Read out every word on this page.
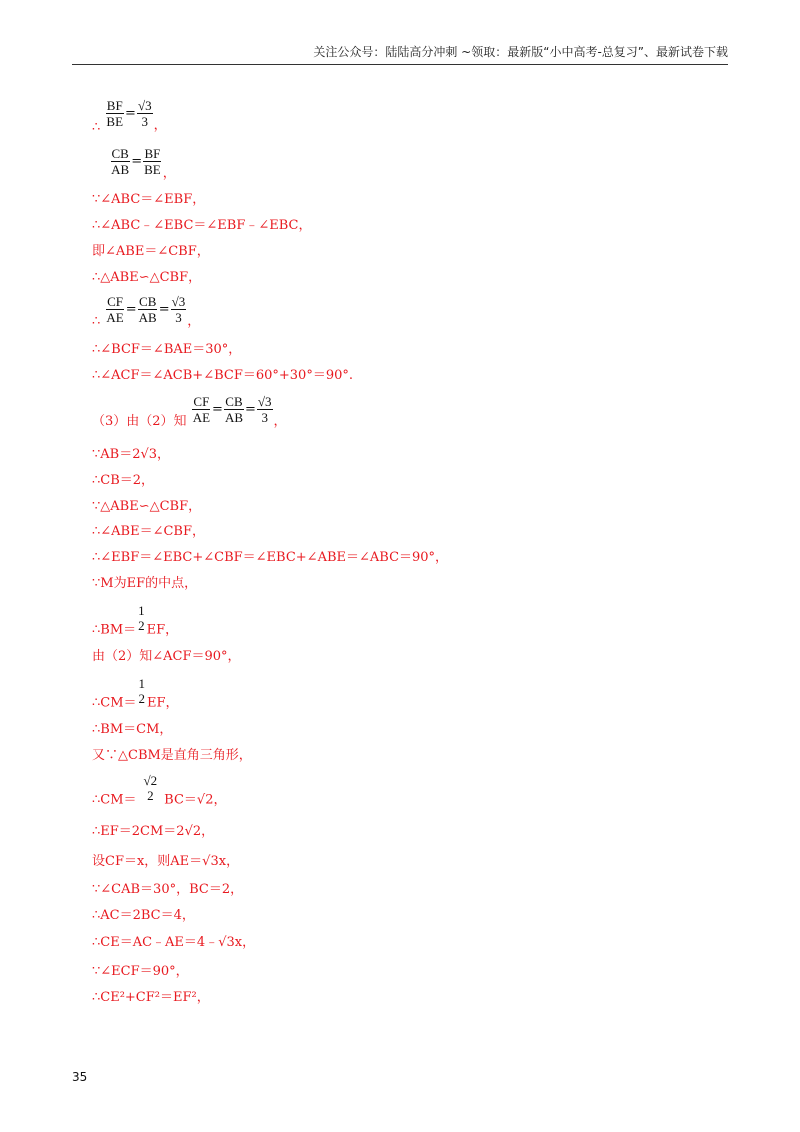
关注公众号：陆陆高分冲刺 ~领取：最新版“小中高考-总复习”、最新试卷下载
∴ $\frac{BF}{BE} = \frac{√3}{3}$ ，

$\frac{CB}{AB} = \frac{BF}{BE}$ ，
∵∠ABC＝∠EBF，
∴∠ABC﹣∠EBC＝∠EBF﹣∠EBC，
即∠ABE＝∠CBF，
∴△ABE∽△CBF，
∴ $\frac{CF}{AE} = \frac{CB}{AB} = \frac{√3}{3}$ ，
∴∠BCF＝∠BAE＝30°，
∴∠ACF＝∠ACB+∠BCF＝60°+30°＝90°.
（3）由（2）知 $\frac{CF}{AE} = \frac{CB}{AB} = \frac{√3}{3}$ ，
∵AB＝2√3，
∴CB＝2，
∵△ABE∽△CBF，
∴∠ABE＝∠CBF，
∴∠EBF＝∠EBC+∠CBF＝∠EBC+∠ABE＝∠ABC＝90°，
∵M为EF的中点，
∴BM＝
1
2 EF，
由（2）知∠ACF＝90°，
∴CM＝
1
2 EF，
∴BM＝CM，
又∵△CBM是直角三角形，
∴CM＝
√2
2 BC＝√2，
∴EF＝2CM＝2√2，
设CF＝x，则AE＝√3x，
∵∠CAB＝30°，BC＝2，
∴AC＝2BC＝4，
∴CE＝AC﹣AE＝4﹣√3x，
∵∠ECF＝90°，
∴CE²+CF²＝EF²，
35
